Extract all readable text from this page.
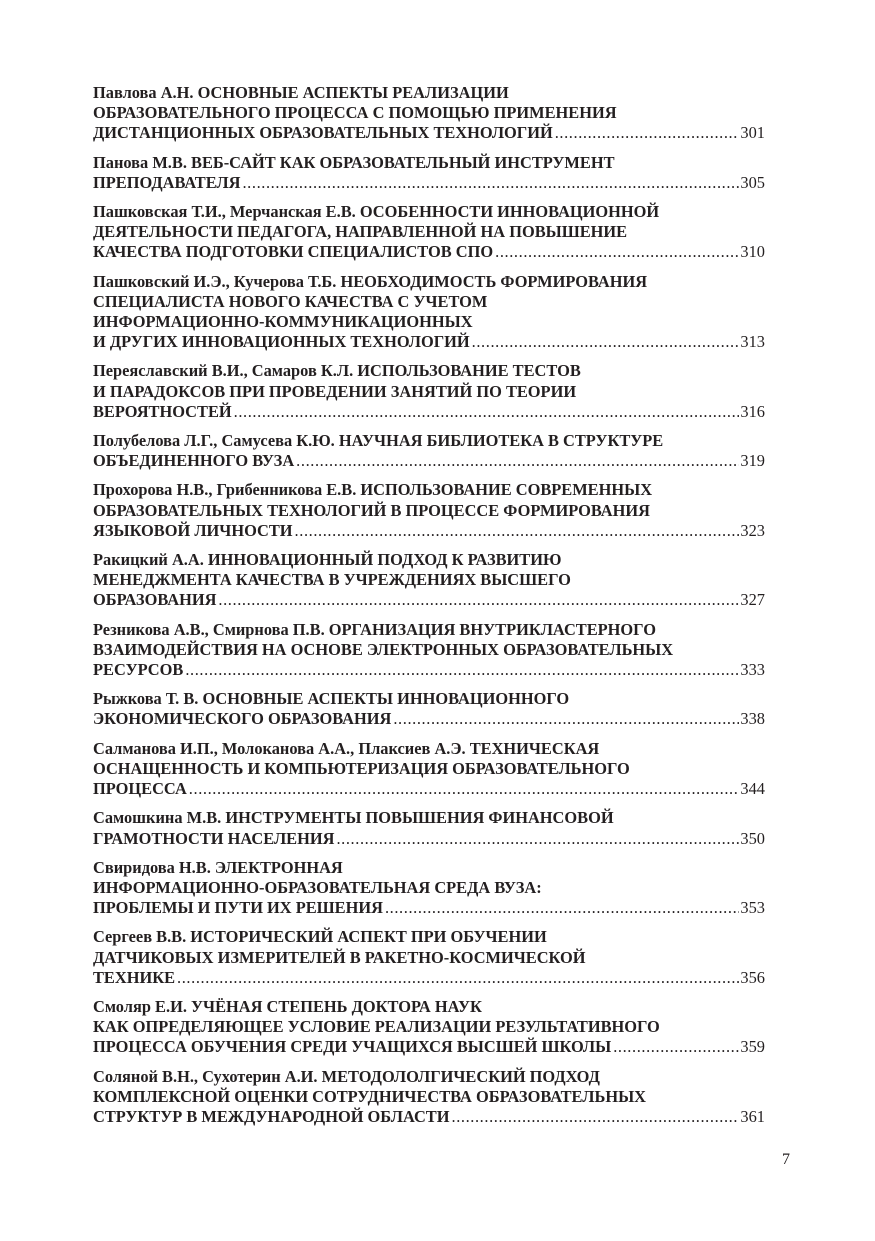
Павлова А.Н. ОСНОВНЫЕ АСПЕКТЫ РЕАЛИЗАЦИИ
ОБРАЗОВАТЕЛЬНОГО ПРОЦЕССА С ПОМОЩЬЮ ПРИМЕНЕНИЯ
ДИСТАНЦИОННЫХ ОБРАЗОВАТЕЛЬНЫХ ТЕХНОЛОГИЙ .....	301
Панова М.В. ВЕБ-САЙТ КАК ОБРАЗОВАТЕЛЬНЫЙ ИНСТРУМЕНТ
ПРЕПОДАВАТЕЛЯ .....	305
Пашковская Т.И., Мерчанская Е.В. ОСОБЕННОСТИ ИННОВАЦИОННОЙ
ДЕЯТЕЛЬНОСТИ ПЕДАГОГА, НАПРАВЛЕННОЙ НА ПОВЫШЕНИЕ
КАЧЕСТВА ПОДГОТОВКИ СПЕЦИАЛИСТОВ СПО .....	310
Пашковский И.Э., Кучерова Т.Б. НЕОБХОДИМОСТЬ ФОРМИРОВАНИЯ
СПЕЦИАЛИСТА НОВОГО КАЧЕСТВА С УЧЕТОМ
ИНФОРМАЦИОННО-КОММУНИКАЦИОННЫХ
И ДРУГИХ ИННОВАЦИОННЫХ ТЕХНОЛОГИЙ .....	313
Переяславский В.И., Самаров К.Л. ИСПОЛЬЗОВАНИЕ ТЕСТОВ
И ПАРАДОКСОВ ПРИ ПРОВЕДЕНИИ ЗАНЯТИЙ ПО ТЕОРИИ
ВЕРОЯТНОСТЕЙ .....	316
Полубелова Л.Г., Самусева К.Ю. НАУЧНАЯ БИБЛИОТЕКА В СТРУКТУРЕ
ОБЪЕДИНЕННОГО ВУЗА .....	319
Прохорова Н.В., Грибенникова Е.В. ИСПОЛЬЗОВАНИЕ СОВРЕМЕННЫХ
ОБРАЗОВАТЕЛЬНЫХ ТЕХНОЛОГИЙ В ПРОЦЕССЕ ФОРМИРОВАНИЯ
ЯЗЫКОВОЙ ЛИЧНОСТИ .....	323
Ракицкий А.А. ИННОВАЦИОННЫЙ ПОДХОД К РАЗВИТИЮ
МЕНЕДЖМЕНТА КАЧЕСТВА В УЧРЕЖДЕНИЯХ ВЫСШЕГО
ОБРАЗОВАНИЯ .....	327
Резникова А.В., Смирнова П.В. ОРГАНИЗАЦИЯ ВНУТРИКЛАСТЕРНОГО
ВЗАИМОДЕЙСТВИЯ НА ОСНОВЕ ЭЛЕКТРОННЫХ ОБРАЗОВАТЕЛЬНЫХ
РЕСУРСОВ .....	333
Рыжкова Т. В. ОСНОВНЫЕ АСПЕКТЫ ИННОВАЦИОННОГО
ЭКОНОМИЧЕСКОГО ОБРАЗОВАНИЯ .....	338
Салманова И.П., Молоканова А.А., Плаксиев А.Э. ТЕХНИЧЕСКАЯ
ОСНАЩЕННОСТЬ И КОМПЬЮТЕРИЗАЦИЯ ОБРАЗОВАТЕЛЬНОГО
ПРОЦЕССА .....	344
Самошкина М.В. ИНСТРУМЕНТЫ ПОВЫШЕНИЯ ФИНАНСОВОЙ
ГРАМОТНОСТИ НАСЕЛЕНИЯ .....	350
Свиридова Н.В. ЭЛЕКТРОННАЯ
ИНФОРМАЦИОННО-ОБРАЗОВАТЕЛЬНАЯ СРЕДА ВУЗА:
ПРОБЛЕМЫ И ПУТИ ИХ РЕШЕНИЯ .....	353
Сергеев В.В. ИСТОРИЧЕСКИЙ АСПЕКТ ПРИ ОБУЧЕНИИ
ДАТЧИКОВЫХ ИЗМЕРИТЕЛЕЙ В РАКЕТНО-КОСМИЧЕСКОЙ
ТЕХНИКЕ .....	356
Смоляр Е.И. УЧЁНАЯ СТЕПЕНЬ ДОКТОРА НАУК
КАК ОПРЕДЕЛЯЮЩЕЕ УСЛОВИЕ РЕАЛИЗАЦИИ РЕЗУЛЬТАТИВНОГО
ПРОЦЕССА ОБУЧЕНИЯ СРЕДИ УЧАЩИХСЯ ВЫСШЕЙ ШКОЛЫ .....	359
Соляной В.Н., Сухотерин А.И. МЕТОДОЛОЛГИЧЕСКИЙ ПОДХОД
КОМПЛЕКСНОЙ ОЦЕНКИ СОТРУДНИЧЕСТВА ОБРАЗОВАТЕЛЬНЫХ
СТРУКТУР В МЕЖДУНАРОДНОЙ ОБЛАСТИ .....	361
7
